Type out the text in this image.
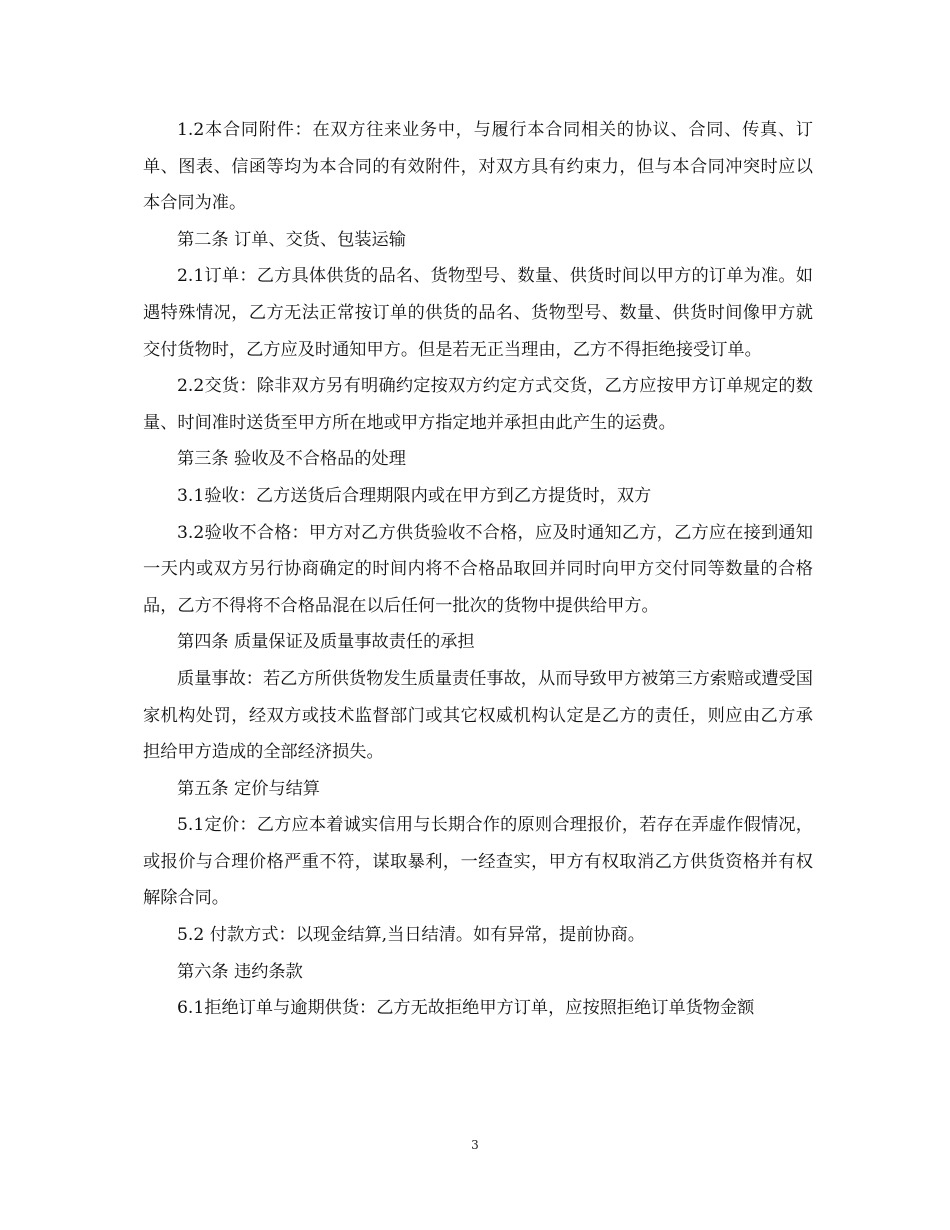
1.2本合同附件：在双方往来业务中，与履行本合同相关的协议、合同、传真、订单、图表、信函等均为本合同的有效附件，对双方具有约束力，但与本合同冲突时应以本合同为准。

第二条 订单、交货、包装运输

2.1订单：乙方具体供货的品名、货物型号、数量、供货时间以甲方的订单为准。如遇特殊情况，乙方无法正常按订单的供货的品名、货物型号、数量、供货时间像甲方就交付货物时，乙方应及时通知甲方。但是若无正当理由，乙方不得拒绝接受订单。

2.2交货：除非双方另有明确约定按双方约定方式交货，乙方应按甲方订单规定的数量、时间准时送货至甲方所在地或甲方指定地并承担由此产生的运费。

第三条 验收及不合格品的处理

3.1验收：乙方送货后合理期限内或在甲方到乙方提货时，双方

3.2验收不合格：甲方对乙方供货验收不合格，应及时通知乙方，乙方应在接到通知一天内或双方另行协商确定的时间内将不合格品取回并同时向甲方交付同等数量的合格品，乙方不得将不合格品混在以后任何一批次的货物中提供给甲方。

第四条 质量保证及质量事故责任的承担

质量事故：若乙方所供货物发生质量责任事故，从而导致甲方被第三方索赔或遭受国家机构处罚，经双方或技术监督部门或其它权威机构认定是乙方的责任，则应由乙方承担给甲方造成的全部经济损失。

第五条 定价与结算

5.1定价：乙方应本着诚实信用与长期合作的原则合理报价，若存在弄虚作假情况，或报价与合理价格严重不符，谋取暴利，一经查实，甲方有权取消乙方供货资格并有权解除合同。

5.2 付款方式：以现金结算,当日结清。如有异常，提前协商。

第六条 违约条款

6.1拒绝订单与逾期供货：乙方无故拒绝甲方订单，应按照拒绝订单货物金额

3
